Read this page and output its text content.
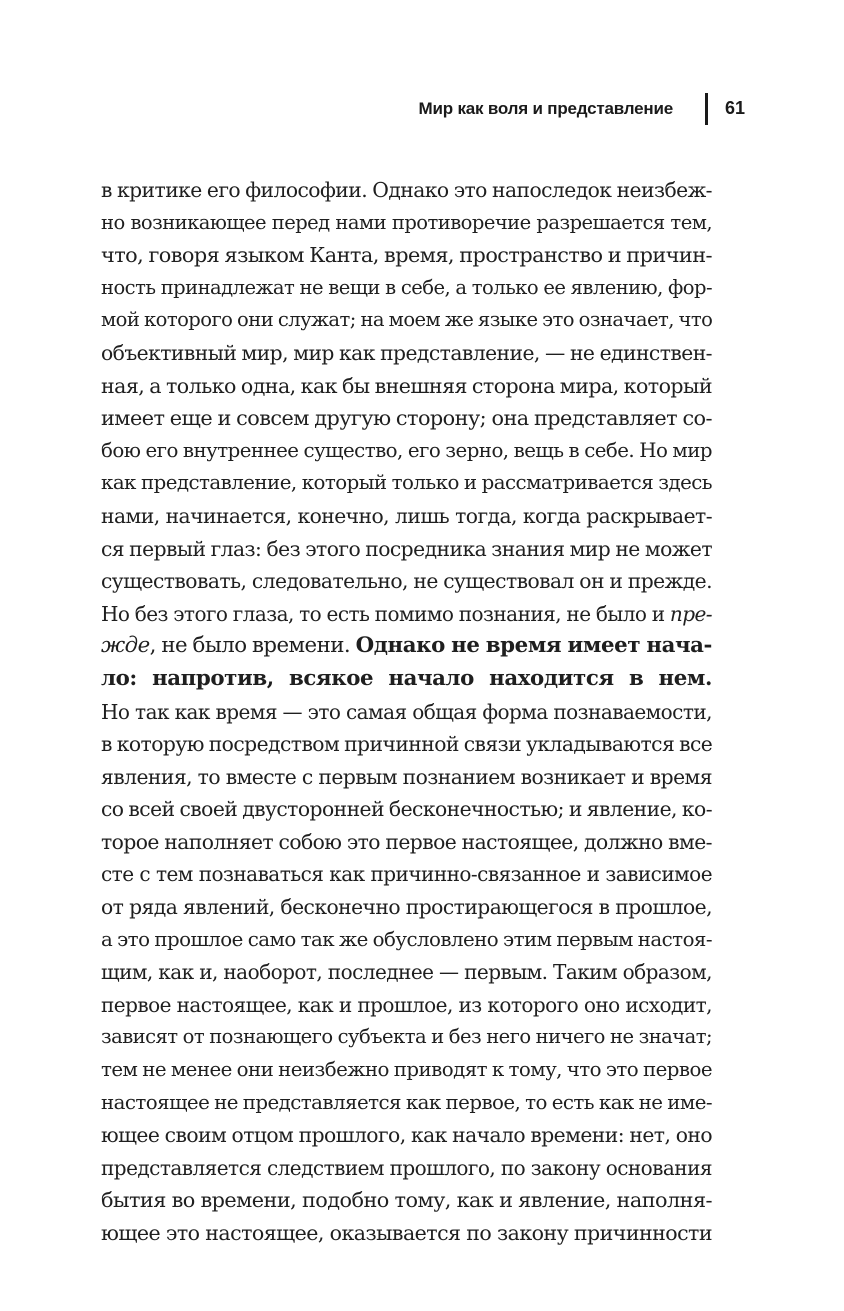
Мир как воля и представление	61
в критике его философии. Однако это напоследок неизбеж-
но возникающее перед нами противоречие разрешается тем,
что, говоря языком Канта, время, пространство и причин-
ность принадлежат не вещи в себе, а только ее явлению, фор-
мой которого они служат; на моем же языке это означает, что
объективный мир, мир как представление, — не единствен-
ная, а только одна, как бы внешняя сторона мира, который
имеет еще и совсем другую сторону; она представляет со-
бою его внутреннее существо, его зерно, вещь в себе. Но мир
как представление, который только и рассматривается здесь
нами, начинается, конечно, лишь тогда, когда раскрывает-
ся первый глаз: без этого посредника знания мир не может
существовать, следовательно, не существовал он и прежде.
Но без этого глаза, то есть помимо познания, не было и пре-
жде, не было времени. Однако не время имеет нача-
ло: напротив, всякое начало находится в нем.
Но так как время — это самая общая форма познаваемости,
в которую посредством причинной связи укладываются все
явления, то вместе с первым познанием возникает и время
со всей своей двусторонней бесконечностью; и явление, ко-
торое наполняет собою это первое настоящее, должно вме-
сте с тем познаваться как причинно-связанное и зависимое
от ряда явлений, бесконечно простирающегося в прошлое,
а это прошлое само так же обусловлено этим первым настоя-
щим, как и, наоборот, последнее — первым. Таким образом,
первое настоящее, как и прошлое, из которого оно исходит,
зависят от познающего субъекта и без него ничего не значат;
тем не менее они неизбежно приводят к тому, что это первое
настоящее не представляется как первое, то есть как не име-
ющее своим отцом прошлого, как начало времени: нет, оно
представляется следствием прошлого, по закону основания
бытия во времени, подобно тому, как и явление, наполня-
ющее это настоящее, оказывается по закону причинности
